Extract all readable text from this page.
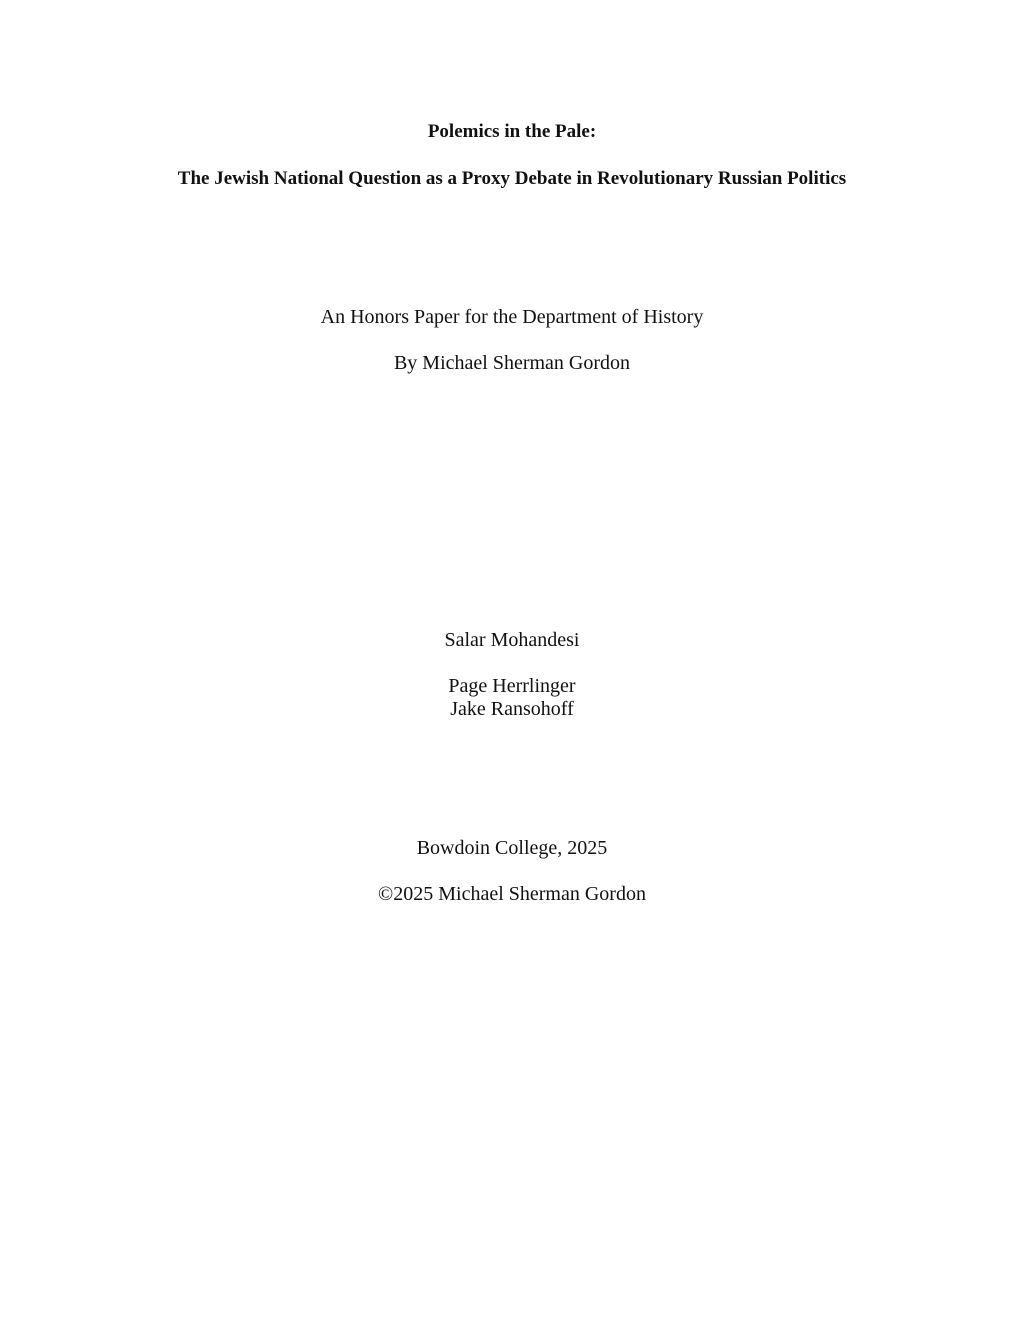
Polemics in the Pale:
The Jewish National Question as a Proxy Debate in Revolutionary Russian Politics
An Honors Paper for the Department of History
By Michael Sherman Gordon
Salar Mohandesi
Page Herrlinger
Jake Ransohoff
Bowdoin College, 2025
©2025 Michael Sherman Gordon
